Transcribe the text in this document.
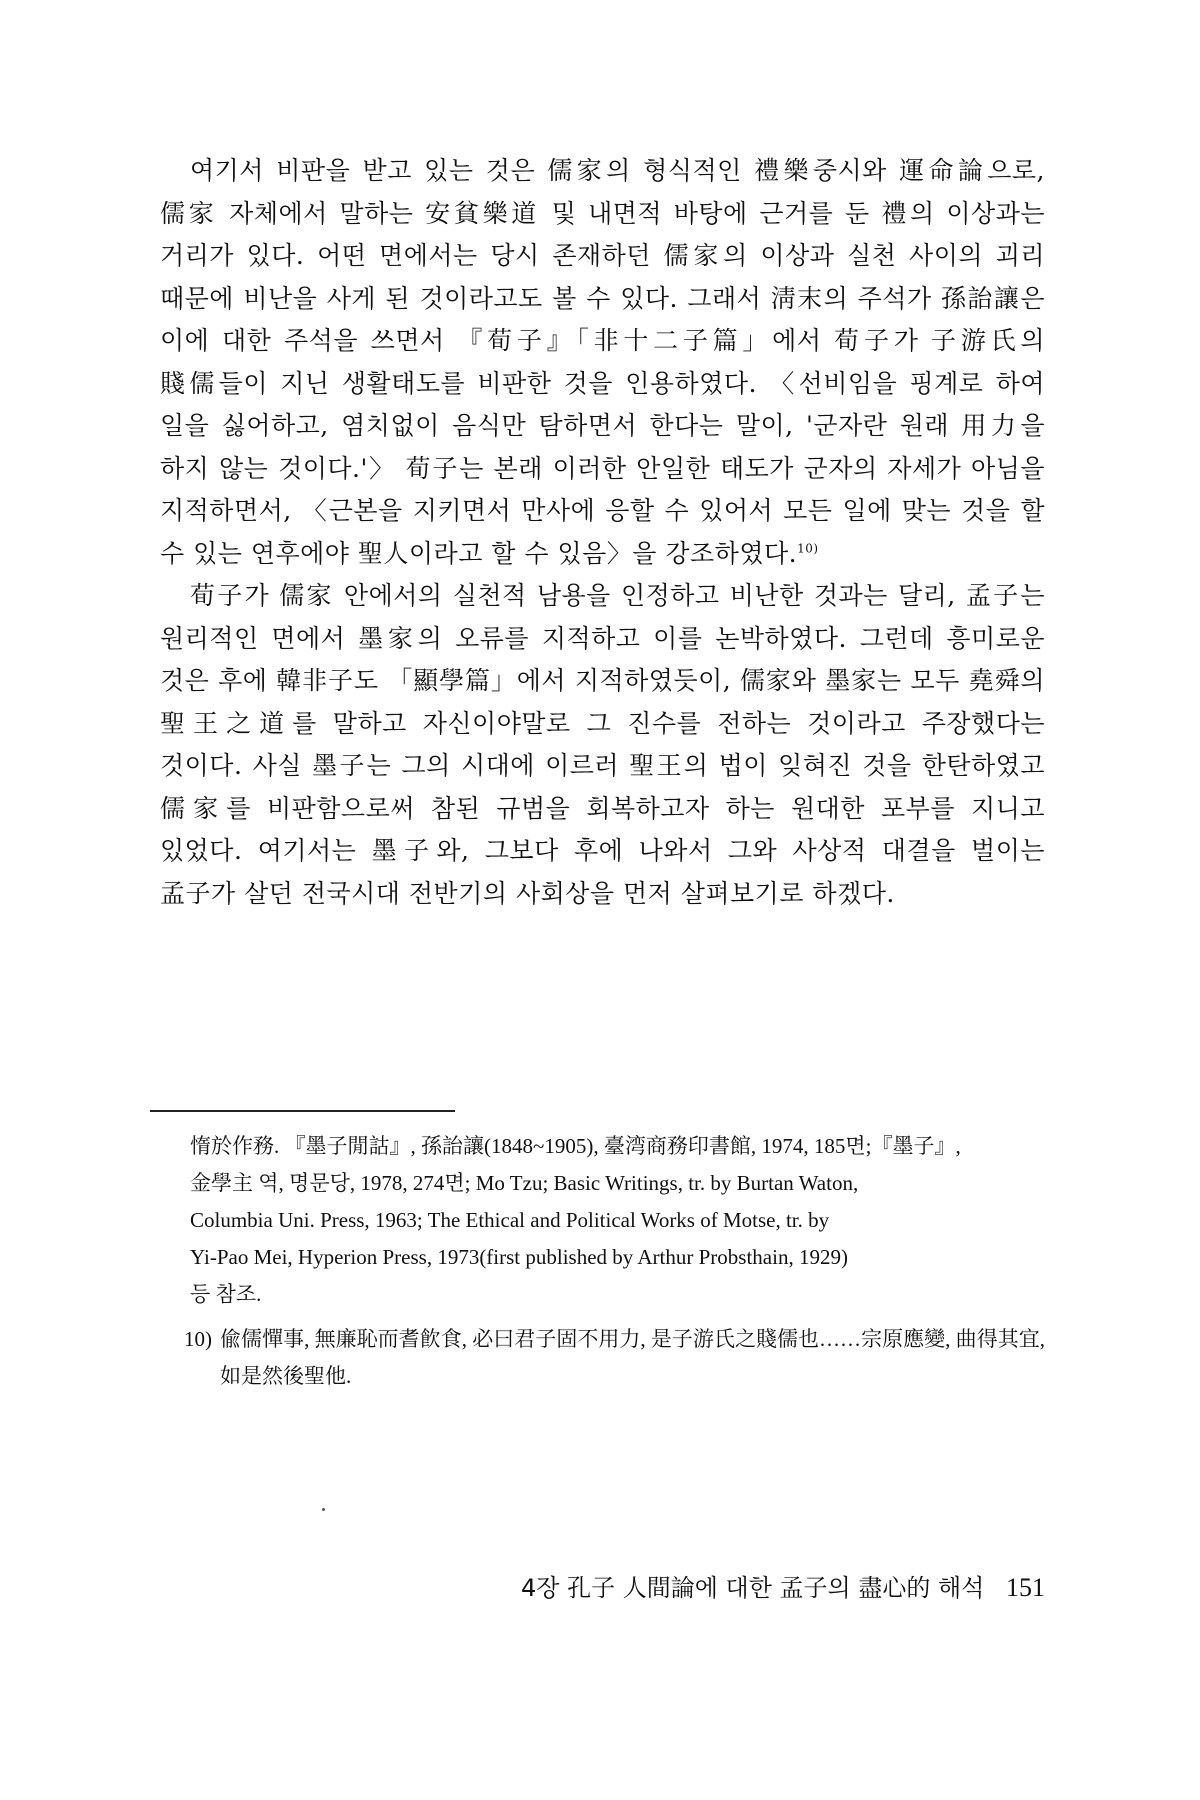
여기서 비판을 받고 있는 것은 儒家의 형식적인 禮樂중시와 運命論으로, 儒家 자체에서 말하는 安貧樂道 및 내면적 바탕에 근거를 둔 禮의 이상과는 거리가 있다. 어떤 면에서는 당시 존재하던 儒家의 이상과 실천 사이의 괴리 때문에 비난을 사게 된 것이라고도 볼 수 있다. 그래서 淸末의 주석가 孫詒讓은 이에 대한 주석을 쓰면서 『荀子』「非十二子篇」에서 荀子가 子游氏의 賤儒들이 지닌 생활태도를 비판한 것을 인용하였다. 〈선비임을 핑계로 하여 일을 싫어하고, 염치없이 음식만 탐하면서 한다는 말이, '군자란 원래 用力을 하지 않는 것이다.'〉 荀子는 본래 이러한 안일한 태도가 군자의 자세가 아님을 지적하면서, 〈근본을 지키면서 만사에 응할 수 있어서 모든 일에 맞는 것을 할 수 있는 연후에야 聖人이라고 할 수 있음〉을 강조하였다.$^{10)}$

荀子가 儒家 안에서의 실천적 남용을 인정하고 비난한 것과는 달리, 孟子는 원리적인 면에서 墨家의 오류를 지적하고 이를 논박하였다. 그런데 흥미로운 것은 후에 韓非子도 「顯學篇」에서 지적하였듯이, 儒家와 墨家는 모두 堯舜의 聖王之道를 말하고 자신이야말로 그 진수를 전하는 것이라고 주장했다는 것이다. 사실 墨子는 그의 시대에 이르러 聖王의 법이 잊혀진 것을 한탄하였고 儒家를 비판함으로써 참된 규범을 회복하고자 하는 원대한 포부를 지니고 있었다. 여기서는 墨子와, 그보다 후에 나와서 그와 사상적 대결을 벌이는 孟子가 살던 전국시대 전반기의 사회상을 먼저 살펴보기로 하겠다.

惰於作務. 『墨子閒詁』, 孫詒讓(1848~1905), 臺湾商務印書館, 1974, 185면;『墨子』,
金學主 역, 명문당, 1978, 274면; Mo Tzu; Basic Writings, tr. by Burtan Waton,
Columbia Uni. Press, 1963; The Ethical and Political Works of Motse, tr. by
Yi-Pao Mei, Hyperion Press, 1973(first published by Arthur Probsthain, 1929)
등 참조.

10) 偸儒憚事, 無廉恥而耆飮食, 必曰君子固不用力, 是子游氏之賤儒也……宗原應變, 曲得其宜, 如是然後聖他.

4장 孔子 人間論에 대한 孟子의 盡心的 해석 151
